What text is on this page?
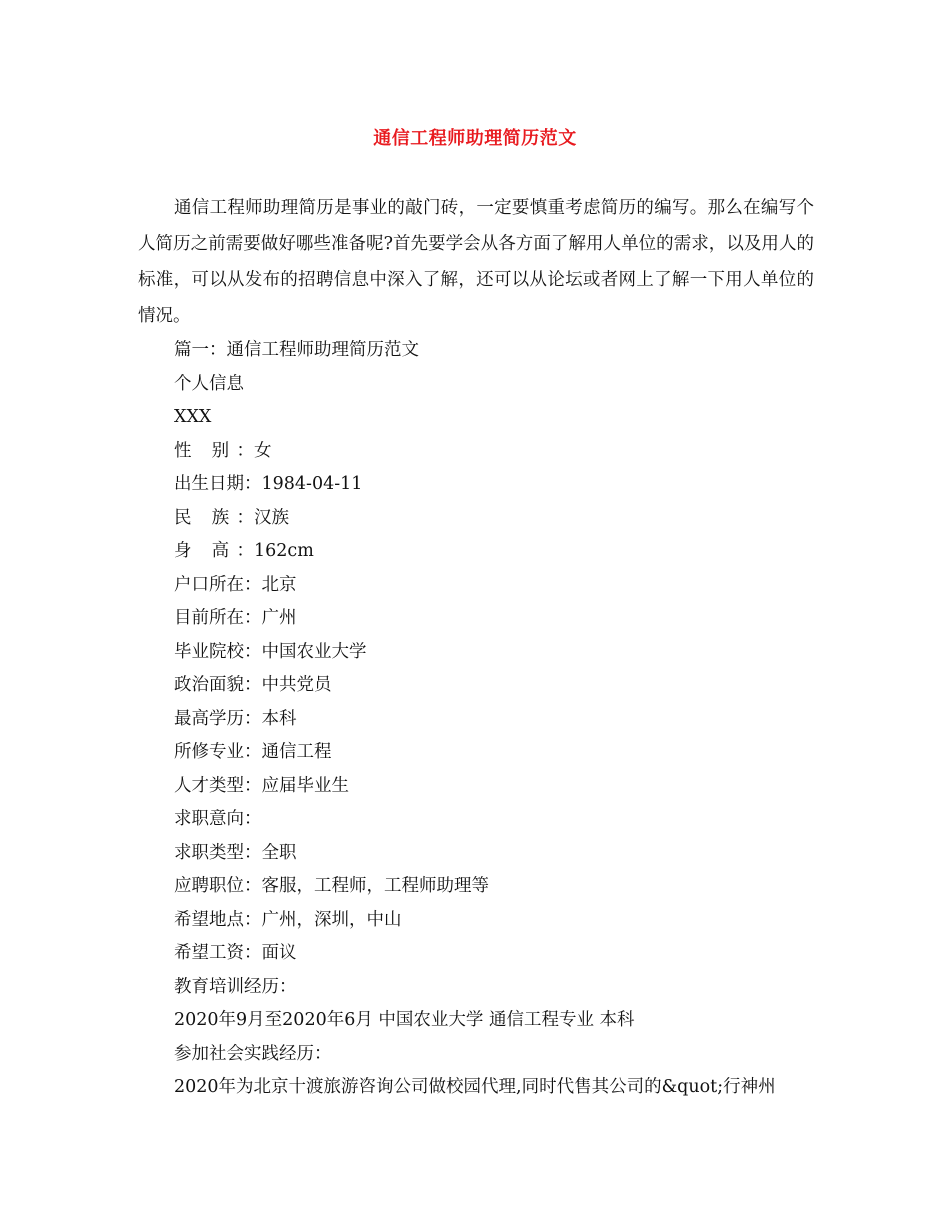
通信工程师助理简历范文
通信工程师助理简历是事业的敲门砖，一定要慎重考虑简历的编写。那么在编写个人简历之前需要做好哪些准备呢?首先要学会从各方面了解用人单位的需求，以及用人的标准，可以从发布的招聘信息中深入了解，还可以从论坛或者网上了解一下用人单位的情况。
篇一：通信工程师助理简历范文
个人信息
XXX
性 别：女
出生日期：1984-04-11
民 族：汉族
身 高：162cm
户口所在：北京
目前所在：广州
毕业院校：中国农业大学
政治面貌：中共党员
最高学历：本科
所修专业：通信工程
人才类型：应届毕业生
求职意向：
求职类型：全职
应聘职位：客服，工程师，工程师助理等
希望地点：广州，深圳，中山
希望工资：面议
教育培训经历：
2020年9月至2020年6月 中国农业大学 通信工程专业 本科
参加社会实践经历：
2020年为北京十渡旅游咨询公司做校园代理,同时代售其公司的&quot;行神州
